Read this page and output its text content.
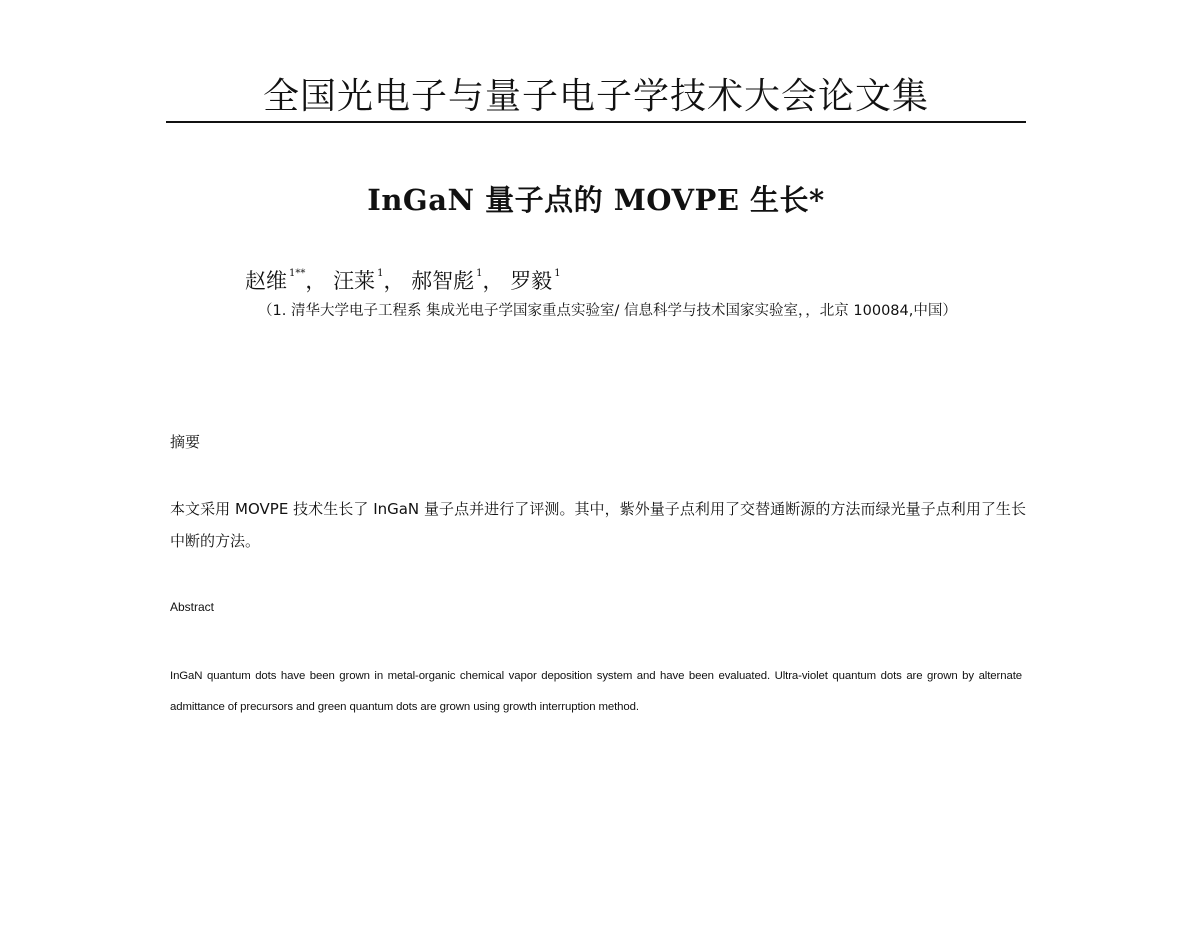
全国光电子与量子电子学技术大会论文集
InGaN 量子点的 MOVPE 生长*
赵维 $^{1**}$， 汪莱 $^1$， 郝智彪 $^1$， 罗毅 $^1$
（1. 清华大学电子工程系 集成光电子学国家重点实验室/ 信息科学与技术国家实验室，，北京 100084,中国）
摘要
本文采用 MOVPE 技术生长了 InGaN 量子点并进行了评测。其中，紫外量子点利用了交替通断源的方法而绿光量子点利用了生长中断的方法。
Abstract
InGaN quantum dots have been grown in metal-organic chemical vapor deposition system and have been evaluated. Ultra-violet quantum dots are grown by alternate admittance of precursors and green quantum dots are grown using growth interruption method.
